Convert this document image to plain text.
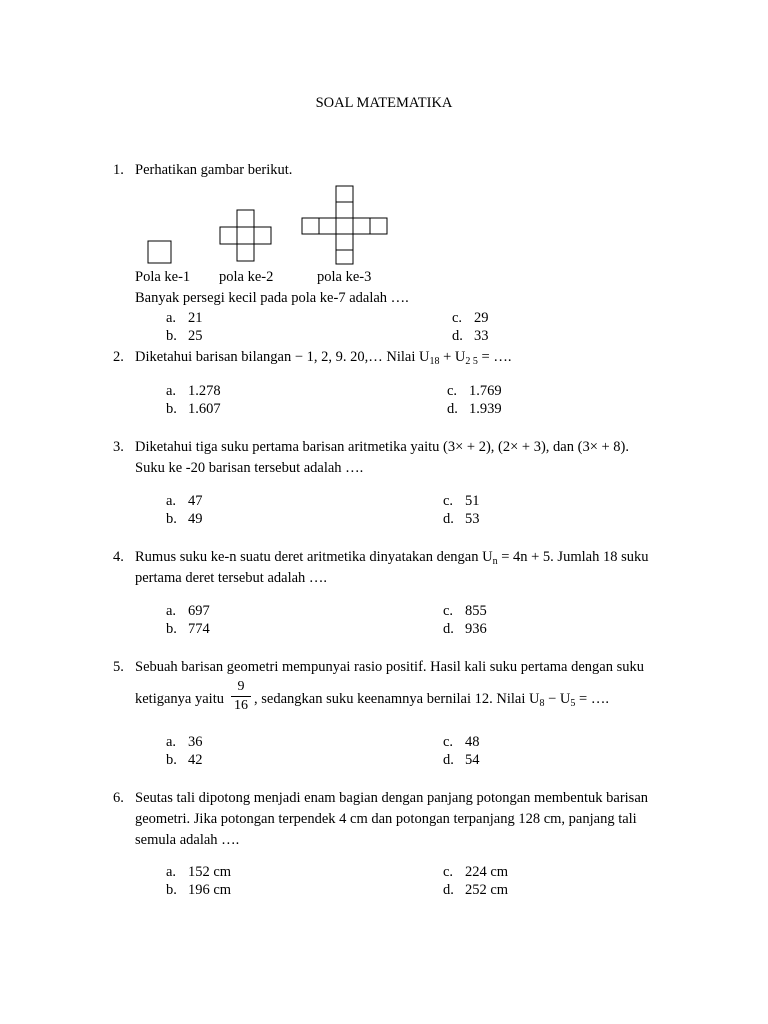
SOAL MATEMATIKA
1. Perhatikan gambar berikut.
Pola ke-1 pola ke-2	pola ke-3
Banyak persegi kecil pada pola ke-7 adalah ….
a. 21
b. 25
c. 29
d. 33
2. Diketahui barisan bilangan − 1, 2, 9. 20,… Nilai $U_{18} + U_{2 5}$ = ….
a. 1.278
b. 1.607
c. 1.769
d. 1.939
3. Diketahui tiga suku pertama barisan aritmetika yaitu (3× + 2), (2× + 3), dan (3× + 8).
Suku ke -20 barisan tersebut adalah ….
a. 47
b. 49
c. 51
d. 53
4. Rumus suku ke-n suatu deret aritmetika dinyatakan dengan $U_n = 4n + 5$. Jumlah 18 suku
pertama deret tersebut adalah ….
a. 697
b. 774
c. 855
d. 936
5. Sebuah barisan geometri mempunyai rasio positif. Hasil kali suku pertama dengan suku
ketiganya yaitu
9
16 , sedangkan suku keenamnya bernilai 12. Nilai $U_8 - U_5$ = ….
a. 36
b. 42
c. 48
d. 54
6. Seutas tali dipotong menjadi enam bagian dengan panjang potongan membentuk barisan
geometri. Jika potongan terpendek 4 cm dan potongan terpanjang 128 cm, panjang tali
semula adalah ….
a. 152 cm
b. 196 cm
c. 224 cm
d. 252 cm
